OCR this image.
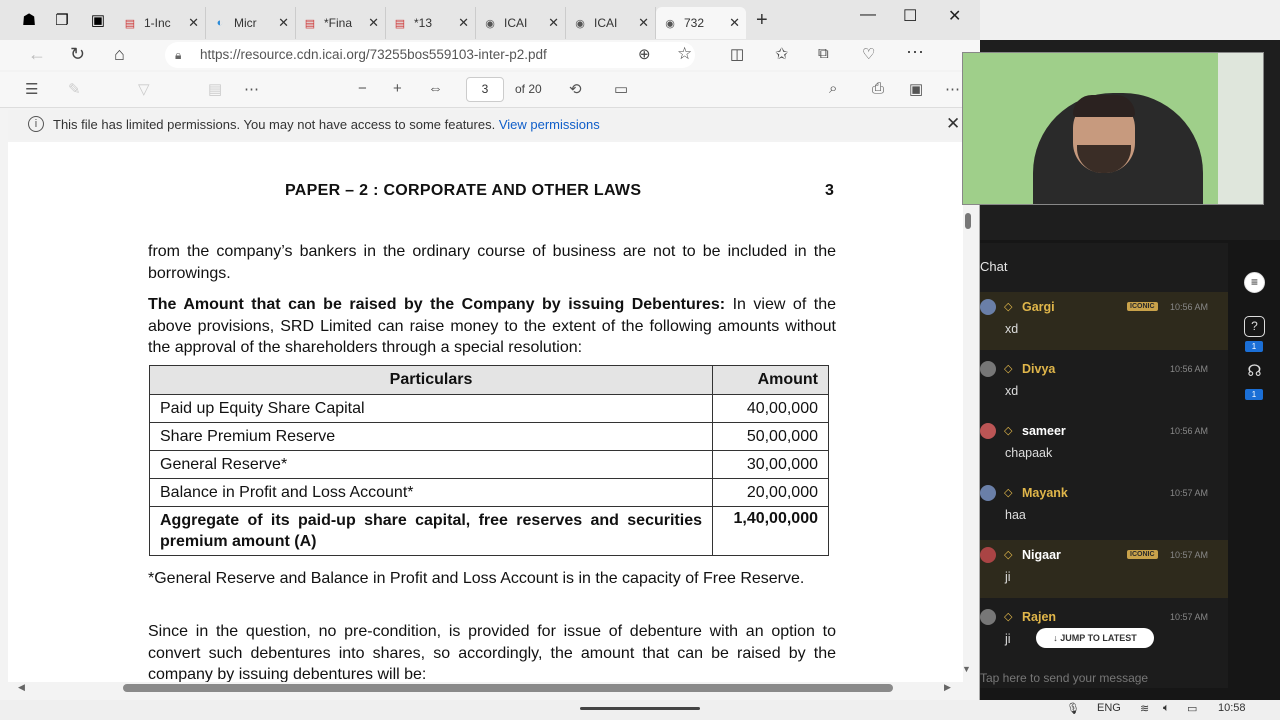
☗	❐	▣	▤ 1-Inc	✕	◐ Micr	✕ ▤ *Fina	✕ ▤ *13	✕ ◉ ICAI	✕ ◉ ICAI	✕ ◉ 732	✕ +	— ☐ ✕
← ↻ ⌂	🔒︎ https://resource.cdn.icai.org/73255bos559103-inter-p2.pdf	⊕ ☆	◫ ✩ ⧉ ♡ ⋯
☰ ✎	▽	▤ ⋯	− + ⇔	3	of 20 ⟲ ▭	⌕ ⎙ ▣ ⋯
This file has limited permissions. You may not have access to some features. View permissions
i	✕
PAPER – 2 : CORPORATE AND OTHER LAWS	3
from the company’s bankers in the ordinary course of business are not to be included in the borrowings.
The Amount that can be raised by the Company by issuing Debentures: In view of the above provisions, SRD Limited can raise money to the extent of the following amounts without the approval of the shareholders through a special resolution:
Particulars	Amount
Paid up Equity Share Capital	40,00,000
Share Premium Reserve	50,00,000
General Reserve*	30,00,000
Balance in Profit and Loss Account*	20,00,000
Aggregate of its paid-up share capital, free reserves and securities premium amount (A)	1,40,00,000
*General Reserve and Balance in Profit and Loss Account is in the capacity of Free Reserve.
Since in the question, no pre-condition, is provided for issue of debenture with an option to convert such debentures into shares, so accordingly, the amount that can be raised by the company by issuing debentures will be:	▼
◀	▶
Chat
◇ Gargi
xd
10:56 AM
ICONIC
◇ Divya
xd
10:56 AM
◇ sameer
chapaak
10:56 AM
◇ Mayank
haa
10:57 AM
◇ Nigaar
ji
10:57 AM
ICONIC
◇ Rajen
ji
10:57 AM
↓ JUMP TO LATEST
Tap here to send your message
≡
?
1
☊
1
🎙︎ ENG ≋ 🔈︎ ▭ 10:58
